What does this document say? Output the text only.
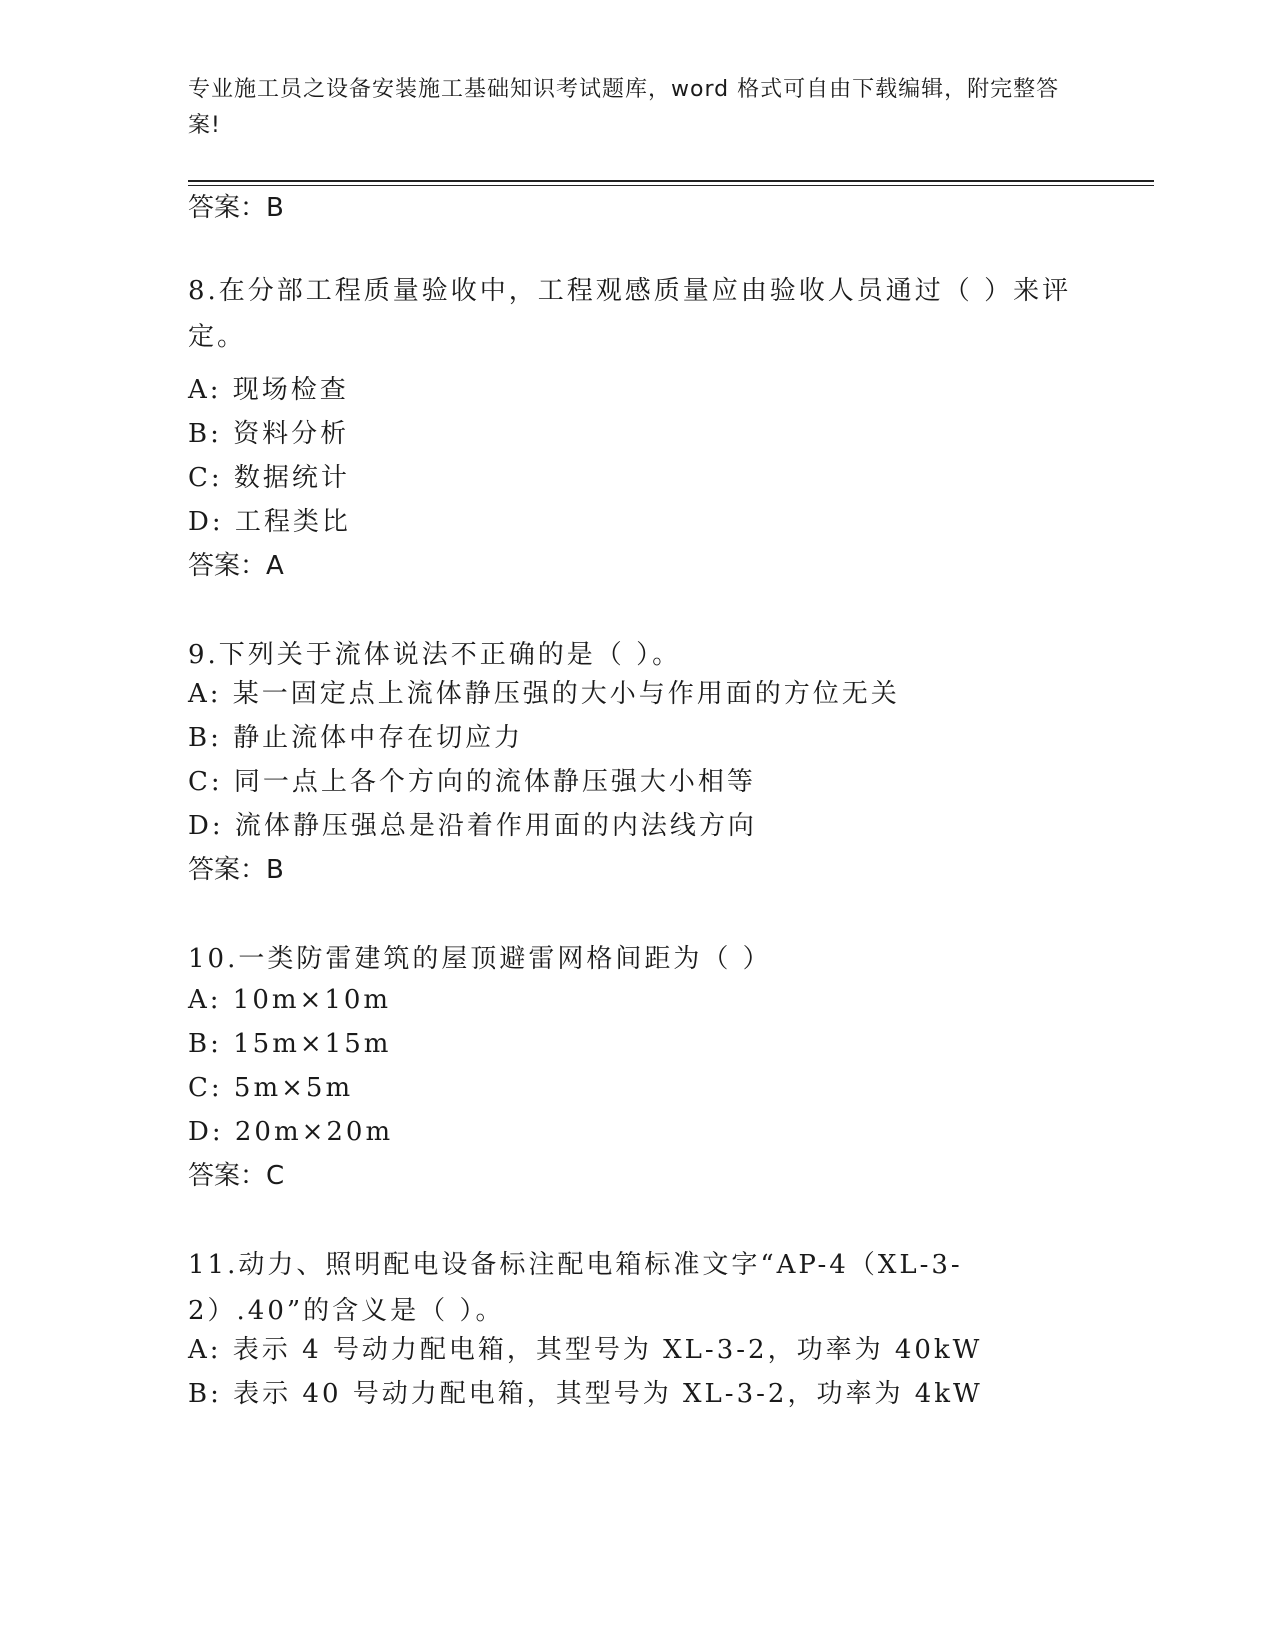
专业施工员之设备安装施工基础知识考试题库，word 格式可自由下载编辑，附完整答案!
答案：B
8.在分部工程质量验收中，工程观感质量应由验收人员通过（ ）来评定。
A: 现场检查
B: 资料分析
C: 数据统计
D: 工程类比
答案：A
9.下列关于流体说法不正确的是（ ）。
A: 某一固定点上流体静压强的大小与作用面的方位无关
B: 静止流体中存在切应力
C: 同一点上各个方向的流体静压强大小相等
D: 流体静压强总是沿着作用面的内法线方向
答案：B
10.一类防雷建筑的屋顶避雷网格间距为（ ）
A: 10m×10m
B: 15m×15m
C: 5m×5m
D: 20m×20m
答案：C
11.动力、照明配电设备标注配电箱标准文字“AP-4（XL-3-2）.40”的含义是（ ）。
A: 表示 4 号动力配电箱，其型号为 XL-3-2，功率为 40kW
B: 表示 40 号动力配电箱，其型号为 XL-3-2，功率为 4kW
